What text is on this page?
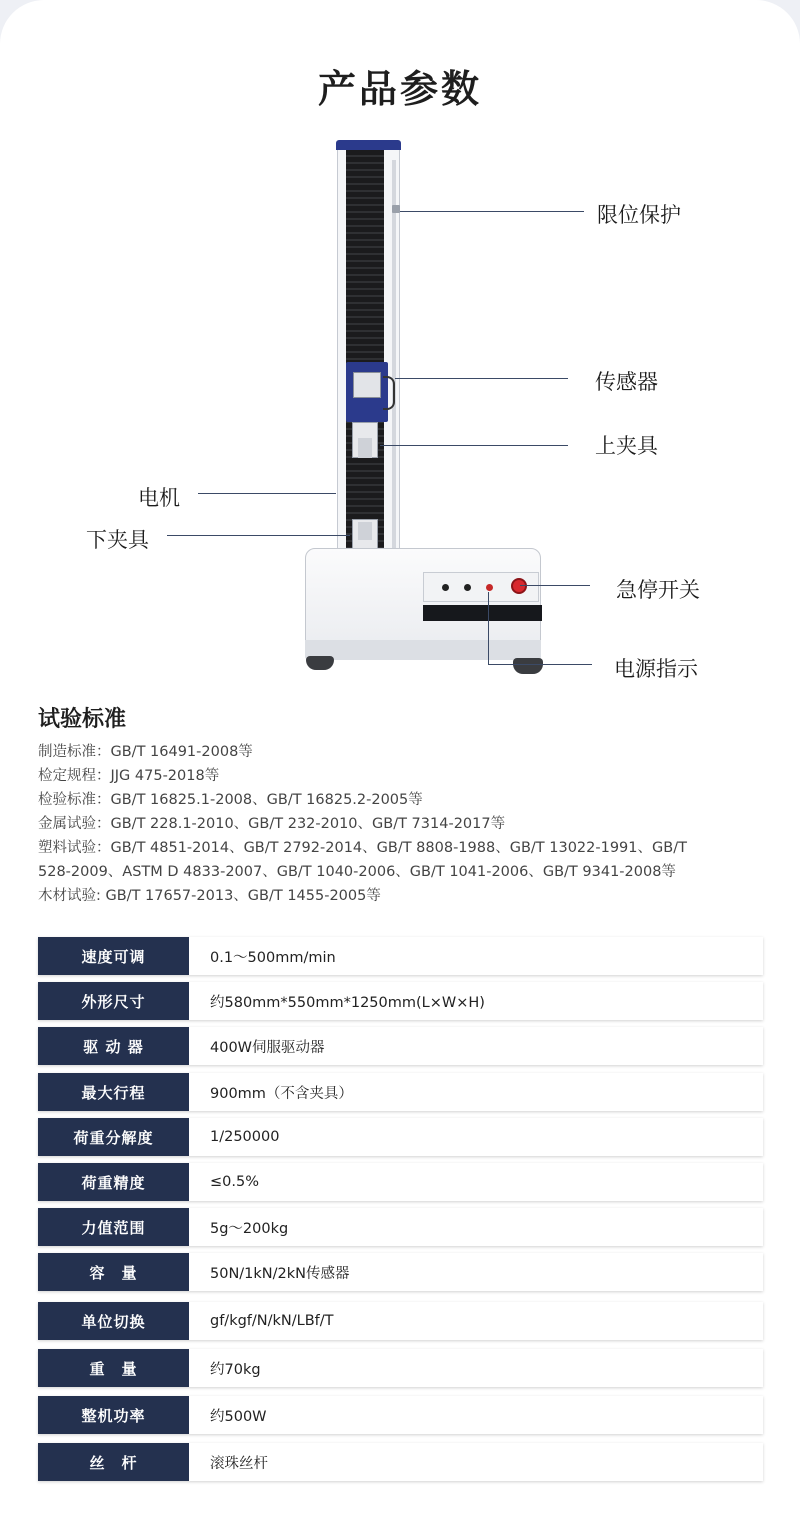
产品参数
限位保护
传感器
上夹具
电机
下夹具
急停开关
电源指示
试验标准
制造标准：GB/T 16491-2008等
检定规程：JJG 475-2018等
检验标准：GB/T 16825.1-2008、GB/T 16825.2-2005等
金属试验：GB/T 228.1-2010、GB/T 232-2010、GB/T 7314-2017等
塑料试验：GB/T 4851-2014、GB/T 2792-2014、GB/T 8808-1988、GB/T 13022-1991、GB/T
528-2009、ASTM D 4833-2007、GB/T 1040-2006、GB/T 1041-2006、GB/T 9341-2008等
木材试验: GB/T 17657-2013、GB/T 1455-2005等
速度可调	0.1～500mm/min
外形尺寸	约580mm*550mm*1250mm(L×W×H)
驱 动 器	400W伺服驱动器
最大行程	900mm（不含夹具）
荷重分解度	1/250000
荷重精度	≤0.5%
力值范围	5g～200kg
容　量	50N/1kN/2kN传感器
单位切换	gf/kgf/N/kN/LBf/T
重　量	约70kg
整机功率	约500W
丝　杆	滚珠丝杆
